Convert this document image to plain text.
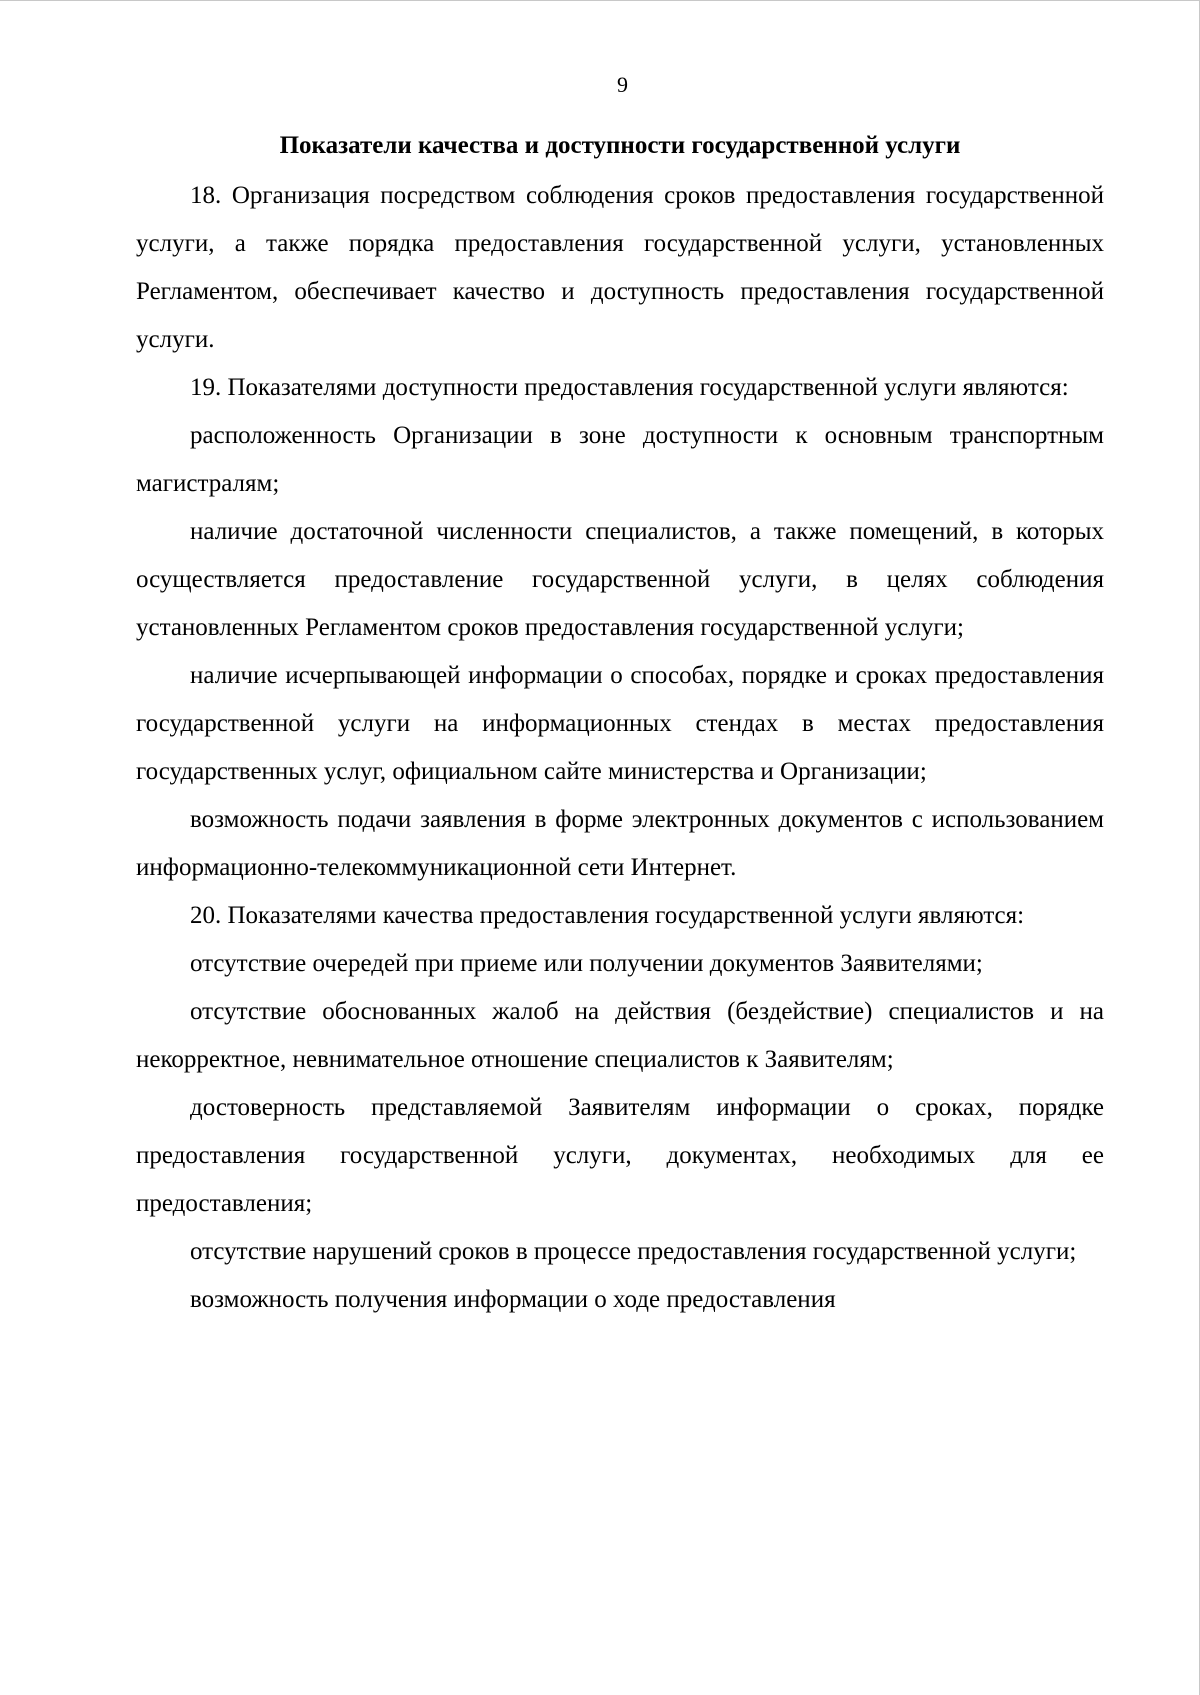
9
Показатели качества и доступности государственной услуги

18. Организация посредством соблюдения сроков предоставления государственной услуги, а также порядка предоставления государственной услуги, установленных Регламентом, обеспечивает качество и доступность предоставления государственной услуги.

19. Показателями доступности предоставления государственной услуги являются:

расположенность Организации в зоне доступности к основным транспортным магистралям;

наличие достаточной численности специалистов, а также помещений, в которых осуществляется предоставление государственной услуги, в целях соблюдения установленных Регламентом сроков предоставления государственной услуги;

наличие исчерпывающей информации о способах, порядке и сроках предоставления государственной услуги на информационных стендах в местах предоставления государственных услуг, официальном сайте министерства и Организации;

возможность подачи заявления в форме электронных документов с использованием информационно-телекоммуникационной сети Интернет.

20. Показателями качества предоставления государственной услуги являются:

отсутствие очередей при приеме или получении документов Заявителями;

отсутствие обоснованных жалоб на действия (бездействие) специалистов и на некорректное, невнимательное отношение специалистов к Заявителям;

достоверность представляемой Заявителям информации о сроках, порядке предоставления государственной услуги, документах, необходимых для ее предоставления;

отсутствие нарушений сроков в процессе предоставления государственной услуги;

возможность получения информации о ходе предоставления
